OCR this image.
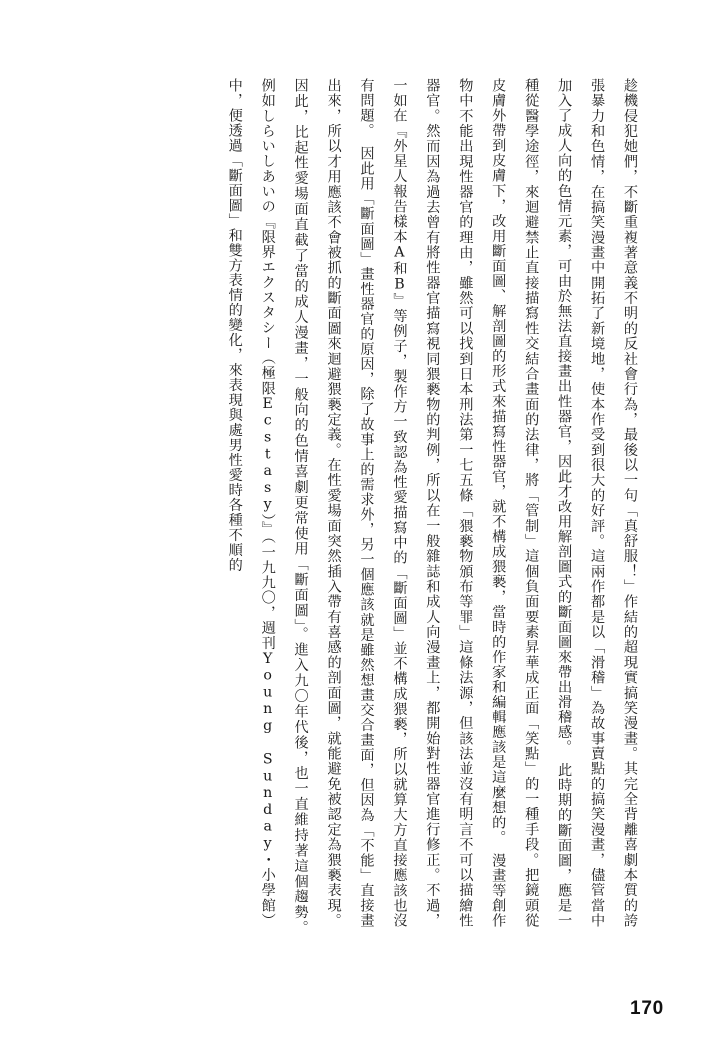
趁機侵犯她們，不斷重複著意義不明的反社會行為，最後以一句「真舒服！」作結的超現實搞笑漫畫。其完全背離喜劇本質的誇張暴力和色情，在搞笑漫畫中開拓了新境地，使本作受到很大的好評。這兩作都是以「滑稽」為故事賣點的搞笑漫畫，儘管當中加入了成人向的色情元素，可由於無法直接畫出性器官，因此才改用解剖圖式的斷面圖來帶出滑稽感。　此時期的斷面圖，應是一種從醫學途徑，來迴避禁止直接描寫性交結合畫面的法律，將「管制」這個負面要素昇華成正面「笑點」的一種手段。把鏡頭從皮膚外帶到皮膚下，改用斷面圖、解剖圖的形式來描寫性器官，就不構成猥褻，當時的作家和編輯應該是這麼想的。　漫畫等創作物中不能出現性器官的理由，雖然可以找到日本刑法第一七五條「猥褻物頒布等罪」這條法源，但該法並沒有明言不可以描繪性器官。然而因為過去曾有將性器官描寫視同猥褻物的判例，所以在一般雜誌和成人向漫畫上，都開始對性器官進行修正。不過，一如在『外星人報告樣本A和B』等例子，製作方一致認為性愛描寫中的「斷面圖」並不構成猥褻，所以就算大方直接應該也沒有問題。　因此用「斷面圖」畫性器官的原因，除了故事上的需求外，另一個應該就是雖然想畫交合畫面，但因為「不能」直接畫出來，所以才用應該不會被抓的斷面圖來迴避猥褻定義。在性愛場面突然插入帶有喜感的剖面圖，就能避免被認定為猥褻表現。因此，比起性愛場面直截了當的成人漫畫，一般向的色情喜劇更常使用「斷面圖」。進入九〇年代後，也一直維持著這個趨勢。　例如しらいしあいの『限界エクスタシー（極限Ecstasy）』（一九九〇，週刊Young Sunday・小學館）中，便透過「斷面圖」和雙方表情的變化，來表現與處男性愛時各種不順的
170
